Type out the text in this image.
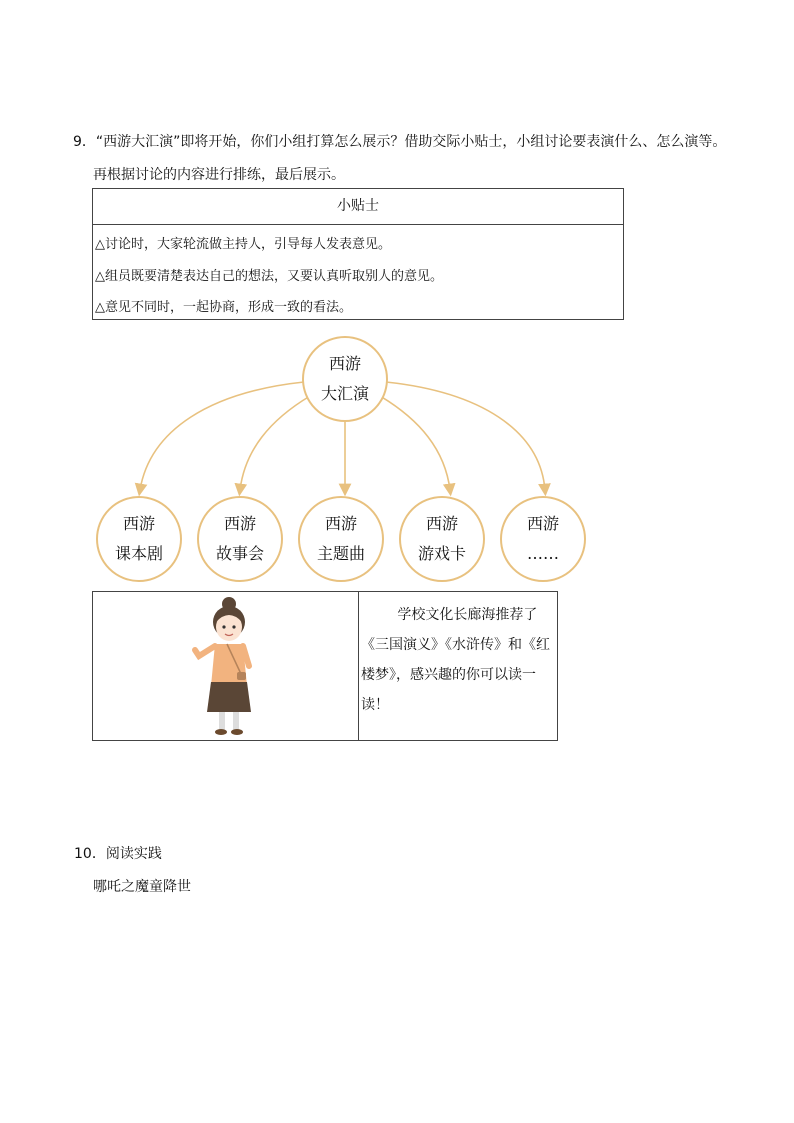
9．“西游大汇演”即将开始，你们小组打算怎么展示？借助交际小贴士，小组讨论要表演什么、怎么演等。
再根据讨论的内容进行排练，最后展示。
小贴士
△讨论时，大家轮流做主持人，引导每人发表意见。
△组员既要清楚表达自己的想法，又要认真听取别人的意见。
△意见不同时，一起协商，形成一致的看法。
西游
大汇演
西游
课本剧
西游
故事会
西游
主题曲
西游
游戏卡
西游
……
学校文化长廊海推荐了《三国演义》《水浒传》和《红楼梦》，感兴趣的你可以读一读！
10．阅读实践
哪吒之魔童降世
